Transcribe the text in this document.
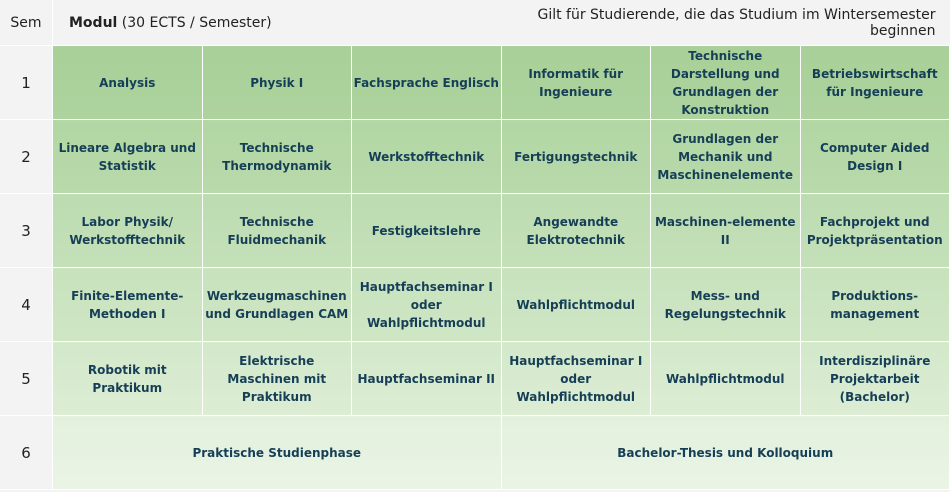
Sem	Modul (30 ECTS / Semester)			Gilt für Studierende, die das Studium im Wintersemester beginnen		
1	Analysis	Physik I	Fachsprache Englisch	Informatik für Ingenieure	Technische Darstellung und Grundlagen der Konstruktion	Betriebswirtschaft für Ingenieure
2	Lineare Algebra und Statistik	Technische Thermodynamik	Werkstofftechnik	Fertigungstechnik	Grundlagen der Mechanik und Maschinenelemente	Computer Aided Design I
3	Labor Physik/ Werkstofftechnik	Technische Fluidmechanik	Festigkeitslehre	Angewandte Elektrotechnik	Maschinen-elemente II	Fachprojekt und Projektpräsentation
4	Finite-Elemente-Methoden I	Werkzeugmaschinen und Grundlagen CAM	Hauptfachseminar I oder Wahlpflichtmodul	Wahlpflichtmodul	Mess- und Regelungstechnik	Produktions-management
5	Robotik mit Praktikum	Elektrische Maschinen mit Praktikum	Hauptfachseminar II	Hauptfachseminar I oder Wahlpflichtmodul	Wahlpflichtmodul	Interdisziplinäre Projektarbeit (Bachelor)
6	Praktische Studienphase			Bachelor-Thesis und Kolloquium		
